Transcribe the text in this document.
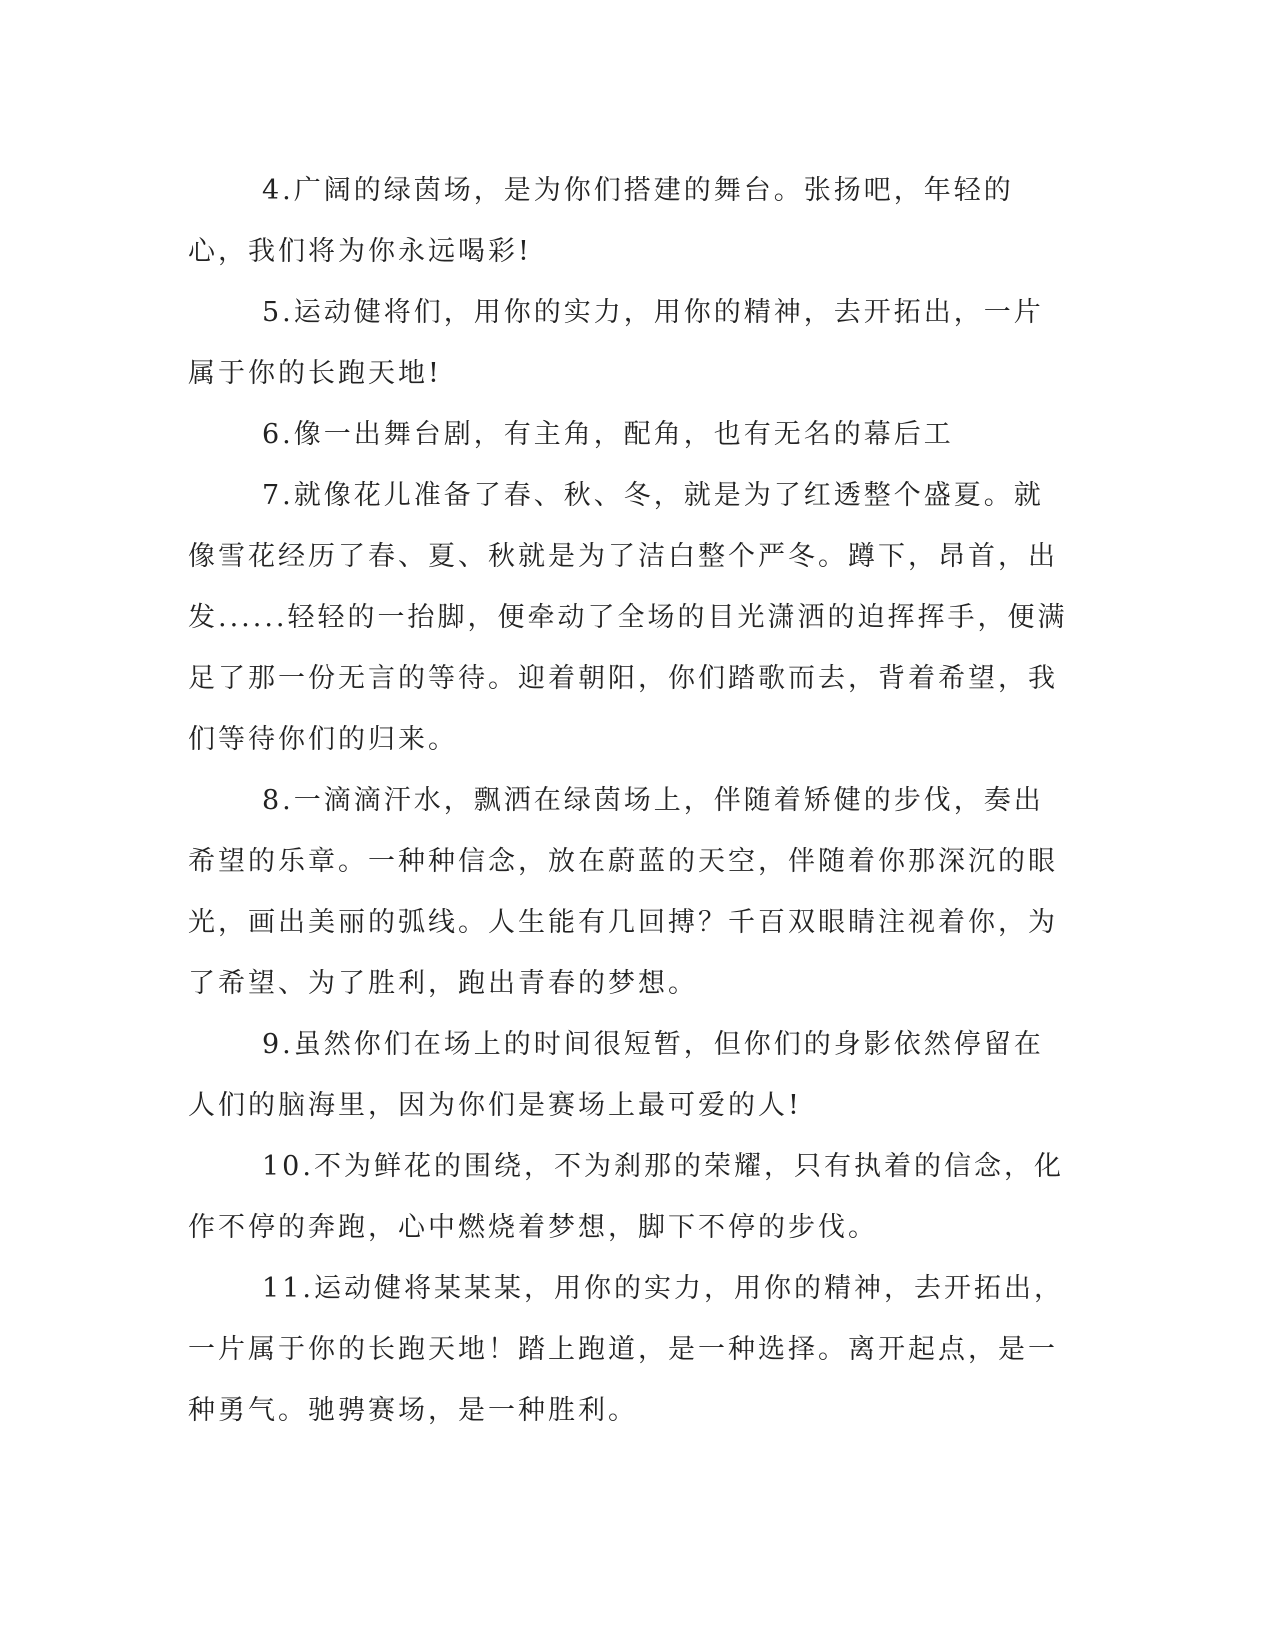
4.广阔的绿茵场，是为你们搭建的舞台。张扬吧，年轻的心，我们将为你永远喝彩!

5.运动健将们，用你的实力，用你的精神，去开拓出，一片属于你的长跑天地!

6.像一出舞台剧，有主角，配角，也有无名的幕后工

7.就像花儿准备了春、秋、冬，就是为了红透整个盛夏。就像雪花经历了春、夏、秋就是为了洁白整个严冬。蹲下，昂首，出发......轻轻的一抬脚，便牵动了全场的目光潇洒的迫挥挥手，便满足了那一份无言的等待。迎着朝阳，你们踏歌而去，背着希望，我们等待你们的归来。

8.一滴滴汗水，飘洒在绿茵场上，伴随着矫健的步伐，奏出希望的乐章。一种种信念，放在蔚蓝的天空，伴随着你那深沉的眼光，画出美丽的弧线。人生能有几回搏？千百双眼睛注视着你，为了希望、为了胜利，跑出青春的梦想。

9.虽然你们在场上的时间很短暂，但你们的身影依然停留在人们的脑海里，因为你们是赛场上最可爱的人!

10.不为鲜花的围绕，不为刹那的荣耀，只有执着的信念，化作不停的奔跑，心中燃烧着梦想，脚下不停的步伐。

11.运动健将某某某，用你的实力，用你的精神，去开拓出，一片属于你的长跑天地！踏上跑道，是一种选择。离开起点，是一种勇气。驰骋赛场，是一种胜利。
